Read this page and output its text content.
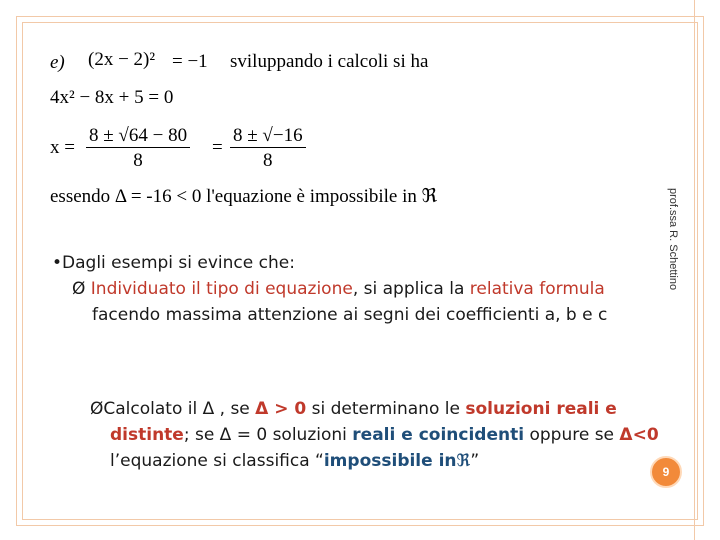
e) (2x − 2)² = −1 sviluppando i calcoli si ha
4x² − 8x + 5 = 0
$x = \frac{8 \pm √64 - 80}{8} = \frac{8 \pm √-16}{8}$
essendo Δ = -16 < 0 l'equazione è impossibile in ℜ
•Dagli esempi si evince che:
Ø Individuato il tipo di equazione, si applica la relativa formula facendo massima attenzione ai segni dei coefficienti a, b e c
ØCalcolato il Δ , se Δ > 0 si determinano le soluzioni reali e distinte; se Δ = 0 soluzioni reali e coincidenti oppure se Δ<0 l’equazione si classifica “impossibile inℜ”
prof.ssa R. Schettino
9
